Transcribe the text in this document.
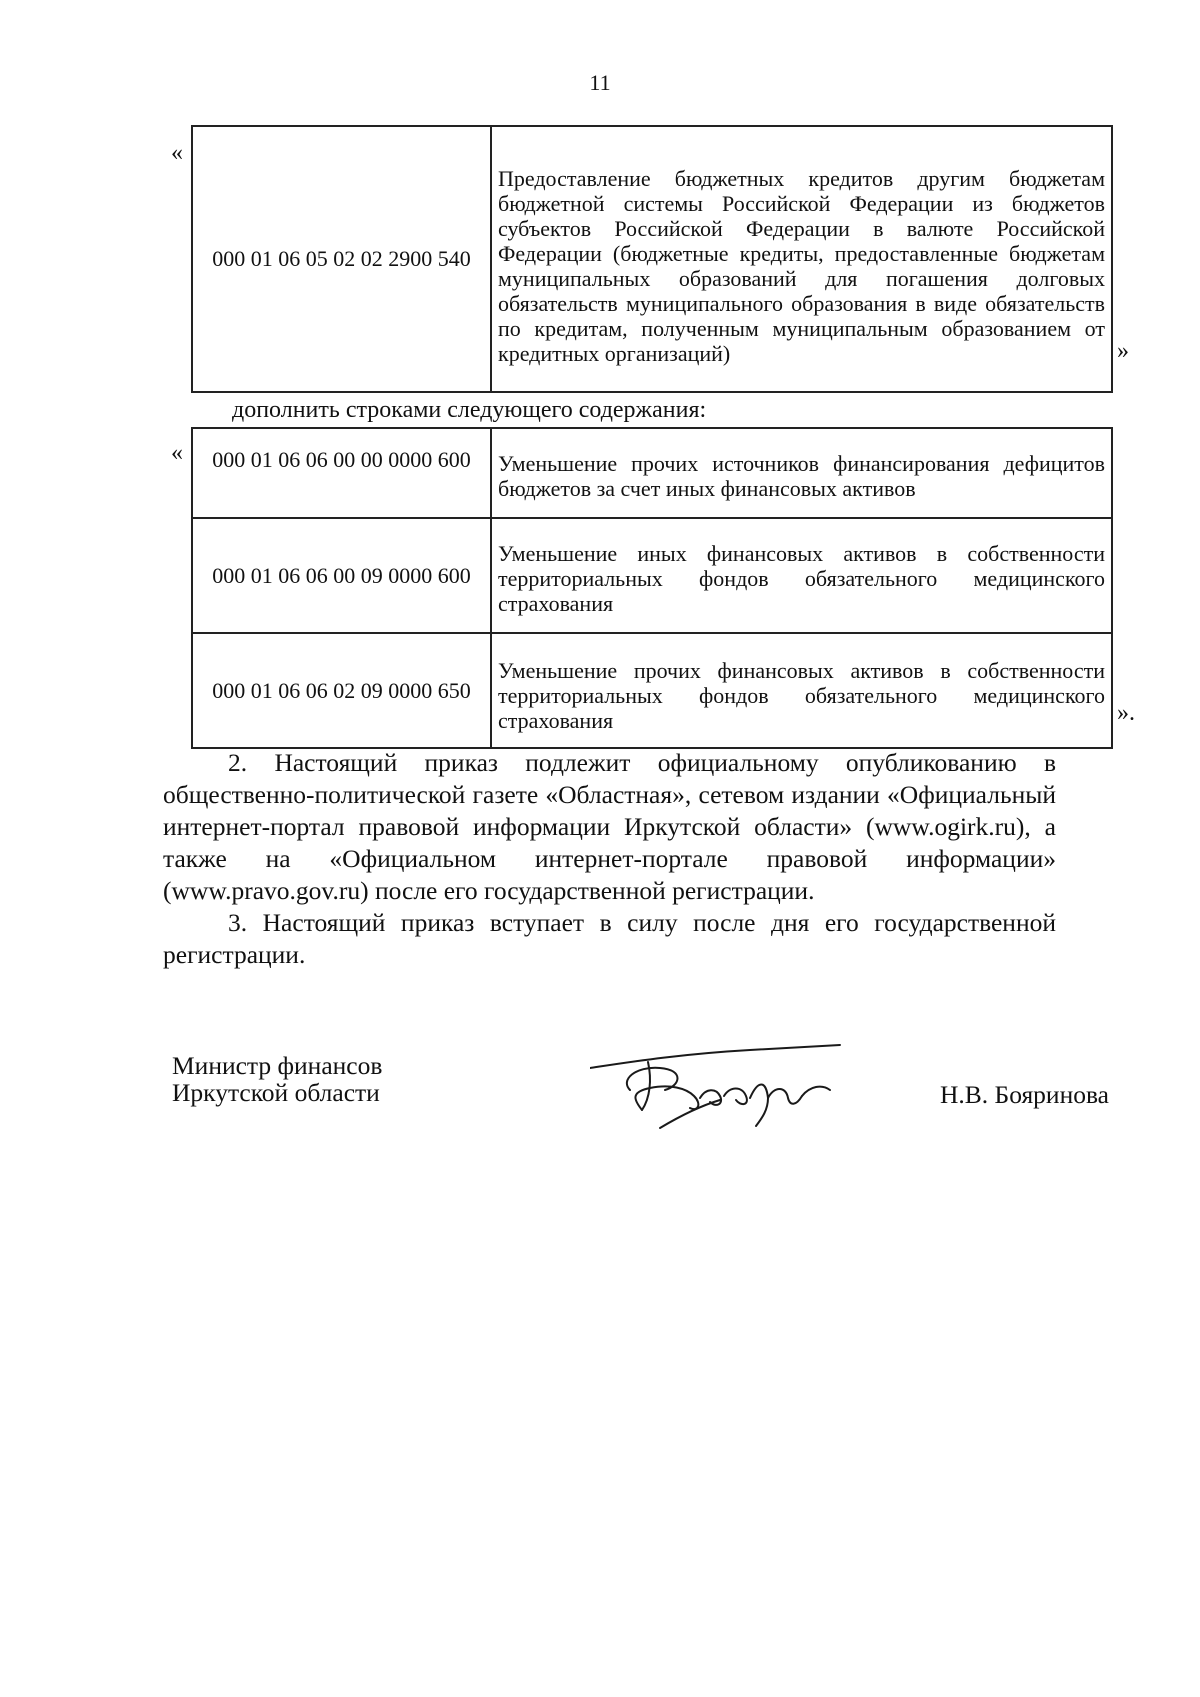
11
«
000 01 06 05 02 02 2900 540	Предоставление бюджетных кредитов другим бюджетам бюджетной системы Российской Федерации из бюджетов субъектов Российской Федерации в валюте Российской Федерации (бюджетные кредиты, предоставленные бюджетам муниципальных образований для погашения долговых обязательств муниципального образования в виде обязательств по кредитам, полученным муниципальным образованием от кредитных организаций)	»
дополнить строками следующего содержания:
« 000 01 06 06 00 00 0000 600	Уменьшение прочих источников финансирования дефицитов бюджетов за счет иных финансовых активов
000 01 06 06 00 09 0000 600	Уменьшение иных финансовых активов в собственности территориальных фондов обязательного медицинского страхования
000 01 06 06 02 09 0000 650	Уменьшение прочих финансовых активов в собственности территориальных фондов обязательного медицинского страхования	».
2. Настоящий приказ подлежит официальному опубликованию в общественно-политической газете «Областная», сетевом издании «Официальный интернет-портал правовой информации Иркутской области» (www.ogirk.ru), а также на «Официальном интернет-портале правовой информации» (www.pravo.gov.ru) после его государственной регистрации.
3. Настоящий приказ вступает в силу после дня его государственной регистрации.
Министр финансов
Иркутской области	Н.В. Бояринова
